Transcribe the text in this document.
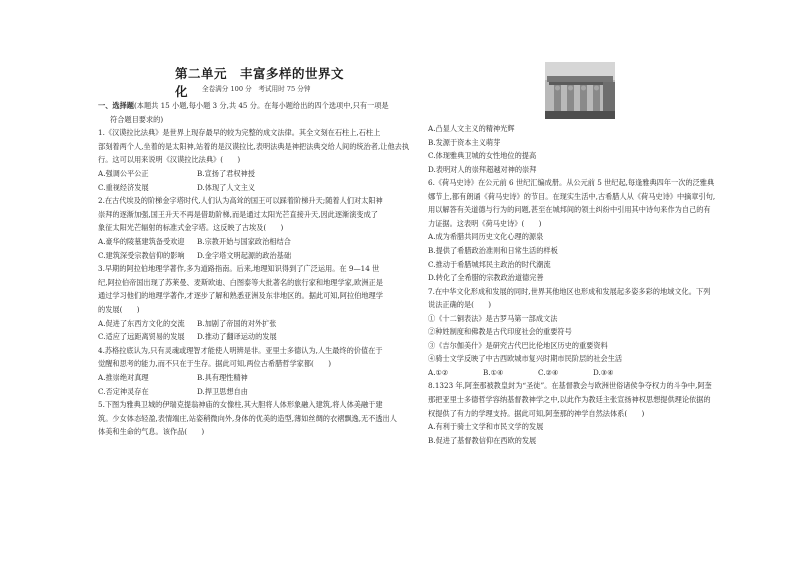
第二单元　丰富多样的世界文化	全卷满分 100 分　考试用时 75 分钟
一、选择题(本题共 15 小题,每小题 3 分,共 45 分。在每小题给出的四个选项中,只有一项是
符合题目要求的)
1.《汉谟拉比法典》是世界上现存最早的较为完整的成文法律。其全文刻在石柱上,石柱上
部刻着两个人,坐着的是太阳神,站着的是汉谟拉比,表明法典是神把法典交给人间的统治者,让他去执
行。这可以用来说明《汉谟拉比法典》(　　)
A.强调公平公正	B.宣扬了君权神授
C.重视经济发展	D.体现了人文主义
2.在古代埃及的阶梯金字塔时代,人们认为高耸的国王可以踩着阶梯升天;随着人们对太阳神
崇拜的逐渐加强,国王升天不再是借助阶梯,而是通过太阳光芒直接升天,因此逐渐演变成了
象征太阳光芒辐射的标准式金字塔。这反映了古埃及(　　)
A.豪华的陵墓建筑备受欢迎 B.宗教开始与国家政治相结合
C.建筑深受宗教信仰的影响 D.金字塔文明起源的政治基础
3.早期的阿拉伯地理学著作,多为道路指南。后来,地理知识得到了广泛运用。在 9—14 世
纪,阿拉伯帝国出现了苏莱曼、麦斯欧迪、白图泰等大批著名的旅行家和地理学家,欧洲正是
通过学习他们的地理学著作,才逐步了解和熟悉亚洲及东非地区的。据此可知,阿拉伯地理学
的发展(　　)
A.促进了东西方文化的交流 B.加剧了帝国的对外扩张
C.适应了远距离贸易的发展 D.推动了翻译运动的发展
4.苏格拉底认为,只有灵魂或理智才能使人明辨是非。亚里士多德认为,人生最终的价值在于
觉醒和思考的能力,而不只在于生存。据此可知,两位古希腊哲学家都(　　)
A.推崇绝对真理	B.具有理性精神
C.否定神灵存在	D.捍卫思想自由
5.下图为雅典卫城的伊瑞克提翁神庙的女像柱,其大胆将人体形象融入建筑,将人体美融于建
筑。少女体态轻盈,表情端庄,站姿稍微向外,身体的优美的造型,薄如丝绸的衣褶飘逸,无不透出人
体美和生命的气息。该作品(　　)
A.凸显人文主义的精神光辉
B.发源于资本主义萌芽
C.体现雅典卫城的女性地位的提高
D.表明对人的崇拜超越对神的崇拜
6.《荷马史诗》在公元前 6 世纪汇编成册。从公元前 5 世纪起,每逢雅典四年一次的泛雅典
娜节上,都有朗诵《荷马史诗》的节目。在现实生活中,古希腊人从《荷马史诗》中摘章引句,
用以解答有关道德与行为的问题,甚至在城邦间的领土纠纷中引用其中诗句来作为自己的有
力证据。这表明《荷马史诗》(　　)
A.成为希腊共同历史文化心理的源泉
B.提供了希腊政治准则和日常生活的样板
C.推动于希腊城邦民主政治的时代潮流
D.转化了全希腊的宗教政治道德完善
7.在中华文化形成和发展的同时,世界其他地区也形成和发展起多姿多彩的地域文化。下列
说法正确的是(　　)
①《十二铜表法》是古罗马第一部成文法
②种姓制度和佛教是古代印度社会的重要符号
③《吉尔伽美什》是研究古代巴比伦地区历史的重要资料
④骑士文学反映了中古西欧城市复兴时期市民阶层的社会生活
A.①②	B.①④	C.②④	D.③④
8.1323 年,阿奎那被教皇封为“圣徒”。在基督教会与欧洲世俗诸侯争夺权力的斗争中,阿奎
那把亚里士多德哲学容纳基督教神学之中,以此作为教廷主张宣扬神权思想提供理论依据的
权提供了有力的学理支持。据此可知,阿奎那的神学自然法体系(　　)
A.有利于骑士文学和市民文学的发展
B.促进了基督教信仰在西欧的发展
